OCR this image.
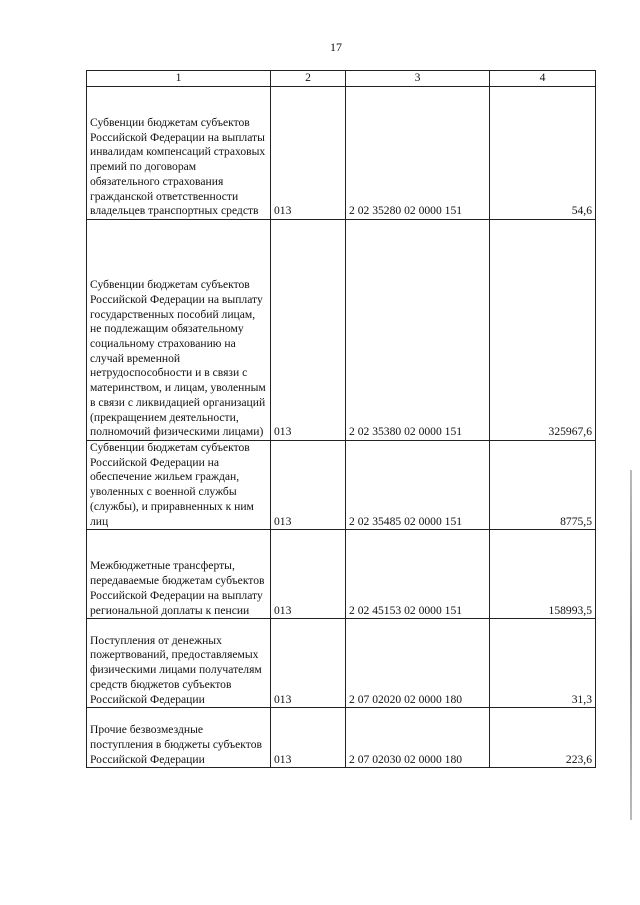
17
1	2	3	4
Субвенции бюджетам субъектов Российской Федерации на выплаты инвалидам компенсаций страховых премий по договорам обязательного страхования гражданской ответственности владельцев транспортных средств	013	2 02 35280 02 0000 151	54,6
Субвенции бюджетам субъектов Российской Федерации на выплату государственных пособий лицам, не подлежащим обязательному социальному страхованию на случай временной нетрудоспособности и в связи с материнством, и лицам, уволенным в связи с ликвидацией организаций (прекращением деятельности, полномочий физическими лицами)	013	2 02 35380 02 0000 151	325967,6
Субвенции бюджетам субъектов Российской Федерации на обеспечение жильем граждан, уволенных с военной службы (службы), и приравненных к ним лиц	013	2 02 35485 02 0000 151	8775,5
Межбюджетные трансферты, передаваемые бюджетам субъектов Российской Федерации на выплату региональной доплаты к пенсии	013	2 02 45153 02 0000 151	158993,5
Поступления от денежных пожертвований, предоставляемых физическими лицами получателям средств бюджетов субъектов Российской Федерации	013	2 07 02020 02 0000 180	31,3
Прочие безвозмездные поступления в бюджеты субъектов Российской Федерации	013	2 07 02030 02 0000 180	223,6
